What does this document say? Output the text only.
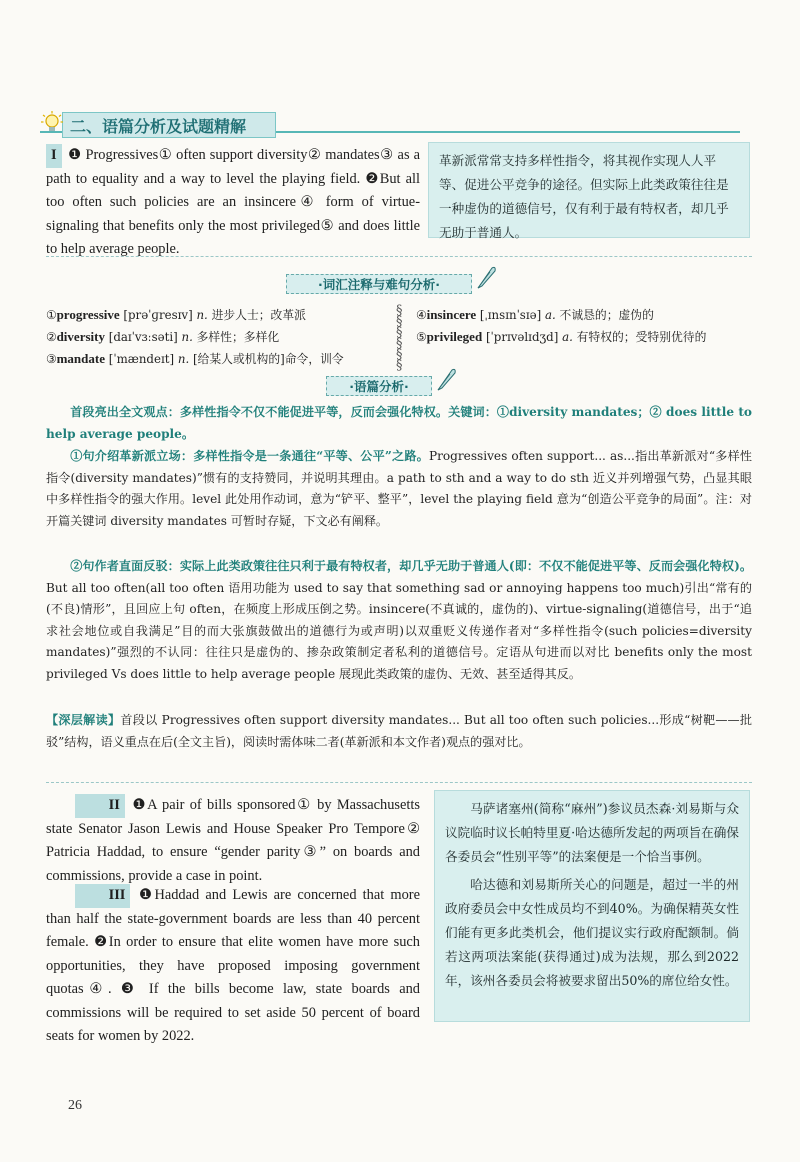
二、语篇分析及试题精解
I ❶ Progressives① often support diversity② mandates③ as a path to equality and a way to level the playing field. ❷But all too often such policies are an insincere④ form of virtue-signaling that benefits only the most privileged⑤ and does little to help average people.
革新派常常支持多样性指令，将其视作实现人人平等、促进公平竞争的途径。但实际上此类政策往往是一种虚伪的道德信号，仅有利于最有特权者，却几乎无助于普通人。
·词汇注释与难句分析·
①progressive [prəˈɡresɪv] n. 进步人士；改革派
②diversity [daɪˈvɜːsəti] n. 多样性；多样化
③mandate [ˈmændeɪt] n. [给某人或机构的]命令，训令
§
§
§
§
§
§
④insincere [ˌɪnsɪnˈsɪə] a. 不诚恳的；虚伪的
⑤privileged [ˈprɪvəlɪdʒd] a. 有特权的；受特别优待的
·语篇分析·
首段亮出全文观点：多样性指令不仅不能促进平等，反而会强化特权。关键词：①diversity mandates；② does little to help average people。
①句介绍革新派立场：多样性指令是一条通往“平等、公平”之路。Progressives often support... as...指出革新派对“多样性指令(diversity mandates)”惯有的支持赞同，并说明其理由。a path to sth and a way to do sth 近义并列增强气势，凸显其眼中多样性指令的强大作用。level 此处用作动词，意为“铲平、整平”，level the playing field 意为“创造公平竞争的局面”。注：对开篇关键词 diversity mandates 可暂时存疑，下文必有阐释。
②句作者直面反驳：实际上此类政策往往只利于最有特权者，却几乎无助于普通人(即：不仅不能促进平等、反而会强化特权)。But all too often(all too often 语用功能为 used to say that something sad or annoying happens too much)引出“常有的(不良)情形”，且回应上句 often，在频度上形成压倒之势。insincere(不真诚的，虚伪的)、virtue-signaling(道德信号，出于“追求社会地位或自我满足”目的而大张旗鼓做出的道德行为或声明)以双重贬义传递作者对“多样性指令(such policies=diversity mandates)”强烈的不认同：往往只是虚伪的、掺杂政策制定者私利的道德信号。定语从句进而以对比 benefits only the most privileged Vs does little to help average people 展现此类政策的虚伪、无效、甚至适得其反。
【深层解读】首段以 Progressives often support diversity mandates... But all too often such policies...形成“树靶——批驳”结构，语义重点在后(全文主旨)，阅读时需体味二者(革新派和本文作者)观点的强对比。
II ❶A pair of bills sponsored① by Massachusetts state Senator Jason Lewis and House Speaker Pro Tempore② Patricia Haddad, to ensure “gender parity③” on boards and commissions, provide a case in point.
III ❶Haddad and Lewis are concerned that more than half the state-government boards are less than 40 percent female. ❷In order to ensure that elite women have more such opportunities, they have proposed imposing government quotas④. ❸ If the bills become law, state boards and commissions will be required to set aside 50 percent of board seats for women by 2022.
马萨诸塞州(简称“麻州”)参议员杰森·刘易斯与众议院临时议长帕特里夏·哈达德所发起的两项旨在确保各委员会“性别平等”的法案便是一个恰当事例。
哈达德和刘易斯所关心的问题是，超过一半的州政府委员会中女性成员均不到40%。为确保精英女性们能有更多此类机会，他们提议实行政府配额制。倘若这两项法案能(获得通过)成为法规，那么到2022年，该州各委员会将被要求留出50%的席位给女性。
26
